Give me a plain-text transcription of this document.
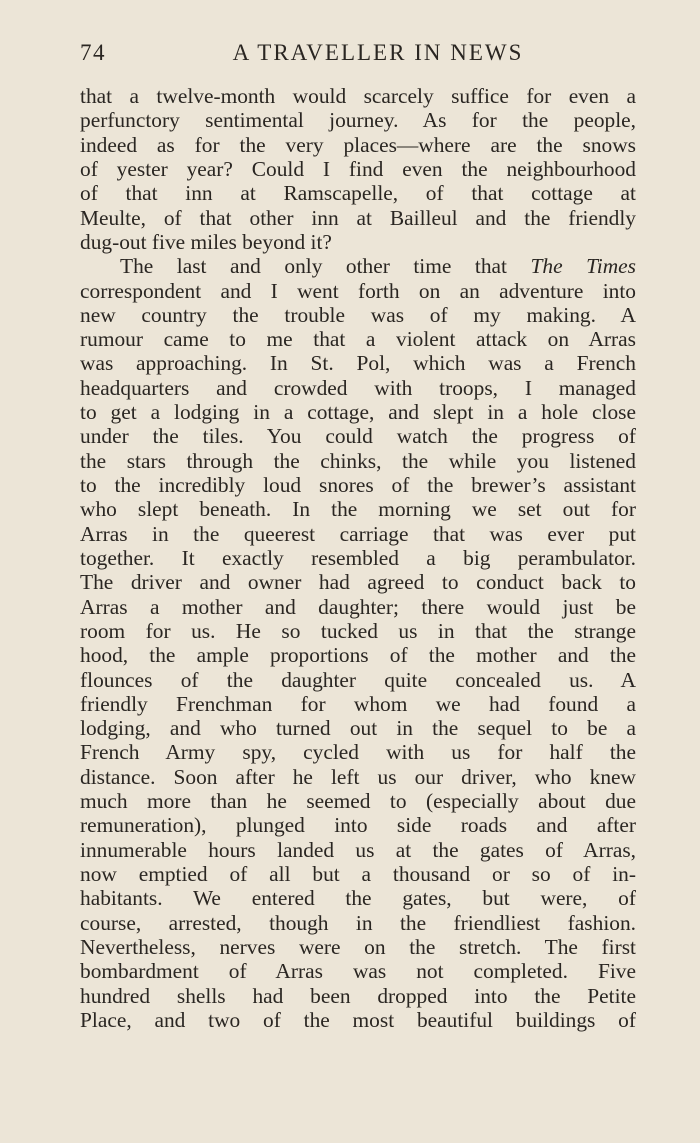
74	A TRAVELLER IN NEWS
that a twelve-month would scarcely suffice for even a
perfunctory sentimental journey. As for the people,
indeed as for the very places—where are the snows
of yester year? Could I find even the neighbourhood
of that inn at Ramscapelle, of that cottage at
Meulte, of that other inn at Bailleul and the friendly
dug-out five miles beyond it?
The last and only other time that The Times
correspondent and I went forth on an adventure into
new country the trouble was of my making. A
rumour came to me that a violent attack on Arras
was approaching. In St. Pol, which was a French
headquarters and crowded with troops, I managed
to get a lodging in a cottage, and slept in a hole close
under the tiles. You could watch the progress of
the stars through the chinks, the while you listened
to the incredibly loud snores of the brewer’s assistant
who slept beneath. In the morning we set out for
Arras in the queerest carriage that was ever put
together. It exactly resembled a big perambulator.
The driver and owner had agreed to conduct back to
Arras a mother and daughter; there would just be
room for us. He so tucked us in that the strange
hood, the ample proportions of the mother and the
flounces of the daughter quite concealed us. A
friendly Frenchman for whom we had found a
lodging, and who turned out in the sequel to be a
French Army spy, cycled with us for half the
distance. Soon after he left us our driver, who knew
much more than he seemed to (especially about due
remuneration), plunged into side roads and after
innumerable hours landed us at the gates of Arras,
now emptied of all but a thousand or so of in-
habitants. We entered the gates, but were, of
course, arrested, though in the friendliest fashion.
Nevertheless, nerves were on the stretch. The first
bombardment of Arras was not completed. Five
hundred shells had been dropped into the Petite
Place, and two of the most beautiful buildings of
